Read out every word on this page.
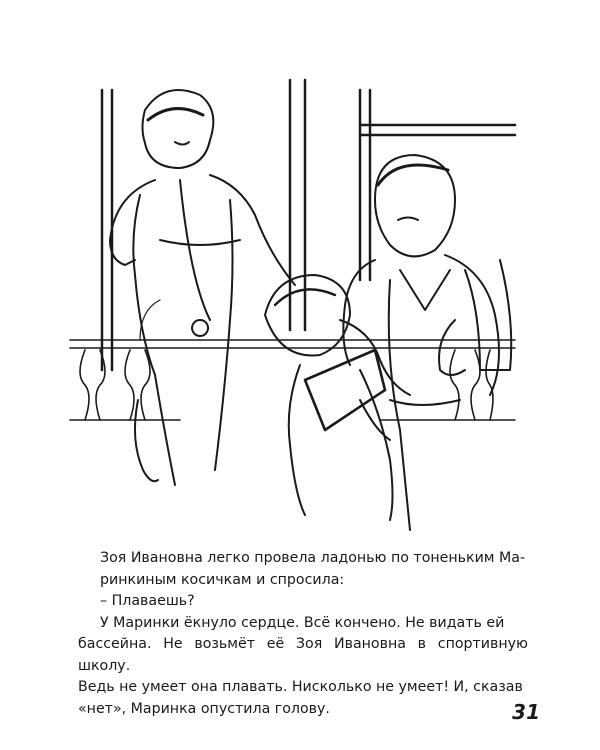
Зоя Ивановна легко провела ладонью по тоненьким Ма-
ринкиным косичкам и спросила:

– Плаваешь?

У Маринки ёкнуло сердце. Всё кончено. Не видать ей
бассейна. Не возьмёт её Зоя Ивановна в спортивную школу.
Ведь не умеет она плавать. Нисколько не умеет! И, сказав
«нет», Маринка опустила голову.	31
